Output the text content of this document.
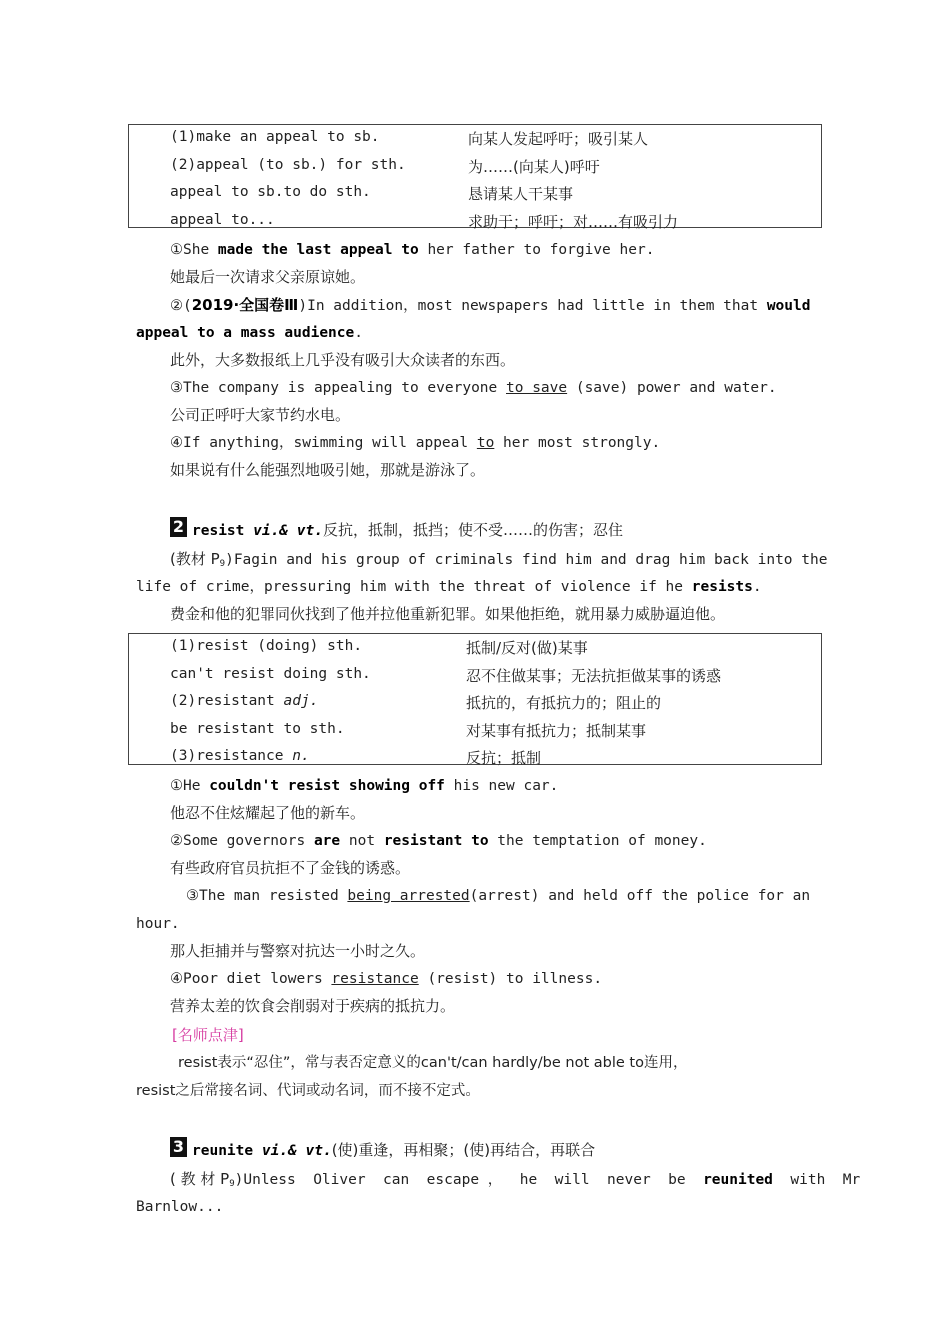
(1)make an appeal to sb.	向某人发起呼吁；吸引某人
(2)appeal (to sb.) for sth.	为……(向某人)呼吁
appeal to sb.to do sth.	恳请某人干某事
appeal to...	求助于；呼吁；对……有吸引力
①She made the last appeal to her father to forgive her.
她最后一次请求父亲原谅她。
②(2019·全国卷Ⅲ)In addition，most newspapers had little in them that would
appeal to a mass audience.
此外，大多数报纸上几乎没有吸引大众读者的东西。
③The company is appealing to everyone to save (save) power and water.
公司正呼吁大家节约水电。
④If anything，swimming will appeal to her most strongly.
如果说有什么能强烈地吸引她，那就是游泳了。
2 resist vi.& vt.反抗，抵制，抵挡；使不受……的伤害；忍住
(教材 $P_9)Fagin$ and his group of criminals find him and drag him back into the
life of crime，pressuring him with the threat of violence if he resists.
费金和他的犯罪同伙找到了他并拉他重新犯罪。如果他拒绝，就用暴力威胁逼迫他。
(1)resist (doing) sth.	抵制/反对(做)某事
can't resist doing sth.	忍不住做某事；无法抗拒做某事的诱惑
(2)resistant adj.	抵抗的，有抵抗力的；阻止的
be resistant to sth.	对某事有抵抗力；抵制某事
(3)resistance n.	反抗；抵制
①He couldn't resist showing off his new car.
他忍不住炫耀起了他的新车。
②Some governors are not resistant to the temptation of money.
有些政府官员抗拒不了金钱的诱惑。
③The man resisted being arrested(arrest) and held off the police for an
hour.
那人拒捕并与警察对抗达一小时之久。
④Poor diet lowers resistance (resist) to illness.
营养太差的饮食会削弱对于疾病的抵抗力。
[名师点津]
resist表示“忍住”，常与表否定意义的can't/can hardly/be not able to连用，
resist之后常接名词、代词或动名词，而不接不定式。
3 reunite vi.& vt.(使)重逢，再相聚；(使)再结合，再联合
( 教 材 $P_9)Unless$  Oliver  can  escape ，  he  will  never  be  reunited  with  Mr
Barnlow...
